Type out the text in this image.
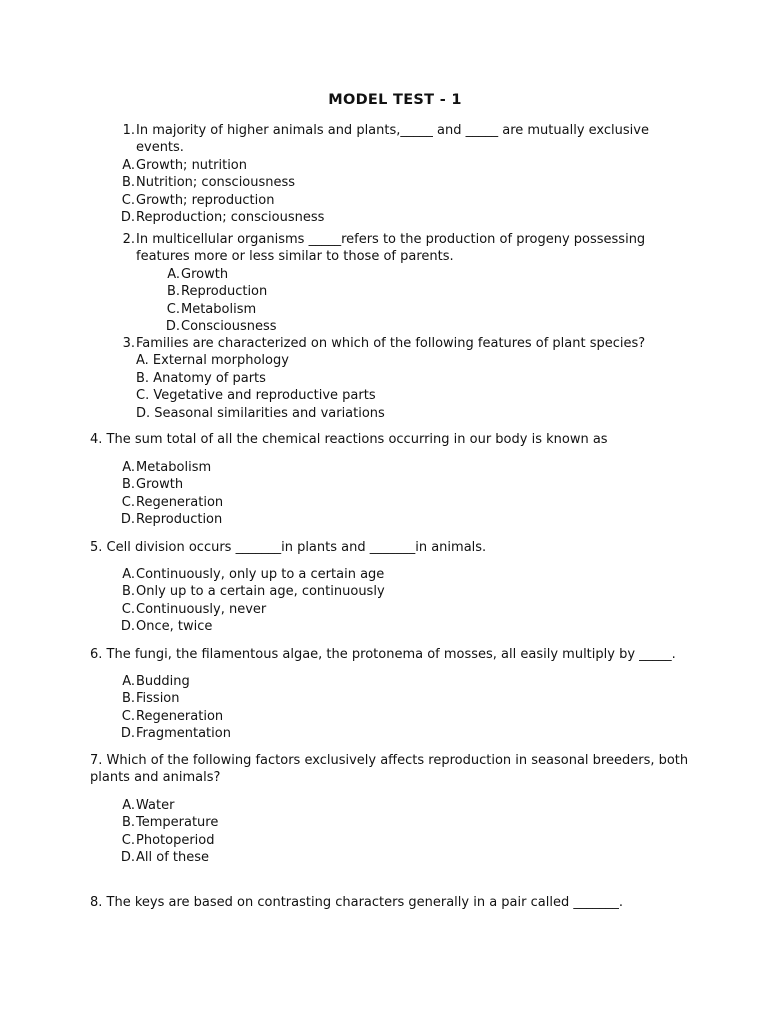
MODEL TEST - 1
1. In majority of higher animals and plants,_____ and _____ are mutually exclusive
events.
A. Growth; nutrition
B. Nutrition; consciousness
C. Growth; reproduction
D. Reproduction; consciousness
2. In multicellular organisms _____refers to the production of progeny possessing
features more or less similar to those of parents.
A. Growth
B. Reproduction
C. Metabolism
D. Consciousness
3. Families are characterized on which of the following features of plant species?
A. External morphology
B. Anatomy of parts
C. Vegetative and reproductive parts
D. Seasonal similarities and variations
4. The sum total of all the chemical reactions occurring in our body is known as
A. Metabolism
B. Growth
C. Regeneration
D. Reproduction
5. Cell division occurs _______in plants and _______in animals.
A. Continuously, only up to a certain age
B. Only up to a certain age, continuously
C. Continuously, never
D. Once, twice
6. The fungi, the filamentous algae, the protonema of mosses, all easily multiply by _____.
A. Budding
B. Fission
C. Regeneration
D. Fragmentation
7. Which of the following factors exclusively affects reproduction in seasonal breeders, both
plants and animals?
A. Water
B. Temperature
C. Photoperiod
D. All of these
8. The keys are based on contrasting characters generally in a pair called _______.
